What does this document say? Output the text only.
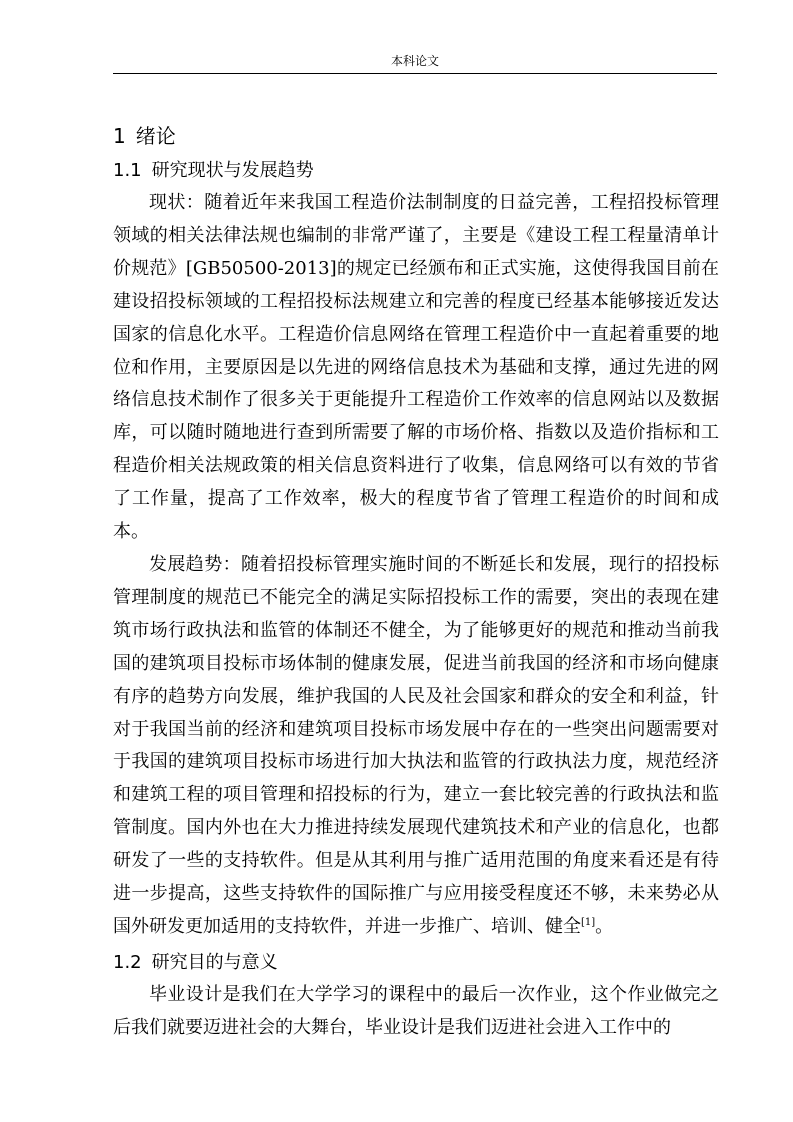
本科论文
1 绪论
1.1 研究现状与发展趋势

现状：随着近年来我国工程造价法制制度的日益完善，工程招投标管理领域的相关法律法规也编制的非常严谨了，主要是《建设工程工程量清单计价规范》[GB50500-2013]的规定已经颁布和正式实施，这使得我国目前在建设招投标领域的工程招投标法规建立和完善的程度已经基本能够接近发达国家的信息化水平。工程造价信息网络在管理工程造价中一直起着重要的地位和作用，主要原因是以先进的网络信息技术为基础和支撑，通过先进的网络信息技术制作了很多关于更能提升工程造价工作效率的信息网站以及数据库，可以随时随地进行查到所需要了解的市场价格、指数以及造价指标和工程造价相关法规政策的相关信息资料进行了收集，信息网络可以有效的节省了工作量，提高了工作效率，极大的程度节省了管理工程造价的时间和成本。

发展趋势：随着招投标管理实施时间的不断延长和发展，现行的招投标管理制度的规范已不能完全的满足实际招投标工作的需要，突出的表现在建筑市场行政执法和监管的体制还不健全，为了能够更好的规范和推动当前我国的建筑项目投标市场体制的健康发展，促进当前我国的经济和市场向健康有序的趋势方向发展，维护我国的人民及社会国家和群众的安全和利益，针对于我国当前的经济和建筑项目投标市场发展中存在的一些突出问题需要对于我国的建筑项目投标市场进行加大执法和监管的行政执法力度，规范经济和建筑工程的项目管理和招投标的行为，建立一套比较完善的行政执法和监管制度。国内外也在大力推进持续发展现代建筑技术和产业的信息化，也都研发了一些的支持软件。但是从其利用与推广适用范围的角度来看还是有待进一步提高，这些支持软件的国际推广与应用接受程度还不够，未来势必从国外研发更加适用的支持软件，并进一步推广、培训、健全[1]。

1.2 研究目的与意义

毕业设计是我们在大学学习的课程中的最后一次作业，这个作业做完之后我们就要迈进社会的大舞台，毕业设计是我们迈进社会进入工作中的
